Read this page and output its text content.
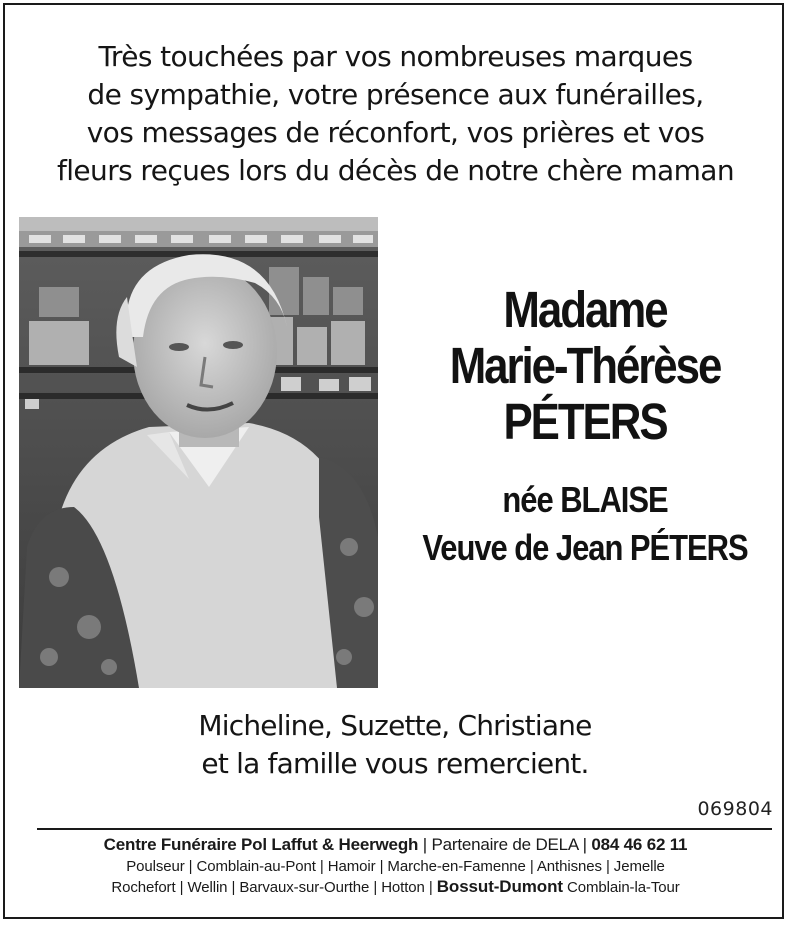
Très touchées par vos nombreuses marques
de sympathie, votre présence aux funérailles,
vos messages de réconfort, vos prières et vos
fleurs reçues lors du décès de notre chère maman
Madame
Marie-Thérèse
PÉTERS
née BLAISE
Veuve de Jean PÉTERS
Micheline, Suzette, Christiane
et la famille vous remercient.
069804
Centre Funéraire Pol Laffut & Heerwegh | Partenaire de DELA | 084 46 62 11
Poulseur | Comblain-au-Pont | Hamoir | Marche-en-Famenne | Anthisnes | Jemelle
Rochefort | Wellin | Barvaux-sur-Ourthe | Hotton | Bossut-Dumont Comblain-la-Tour
